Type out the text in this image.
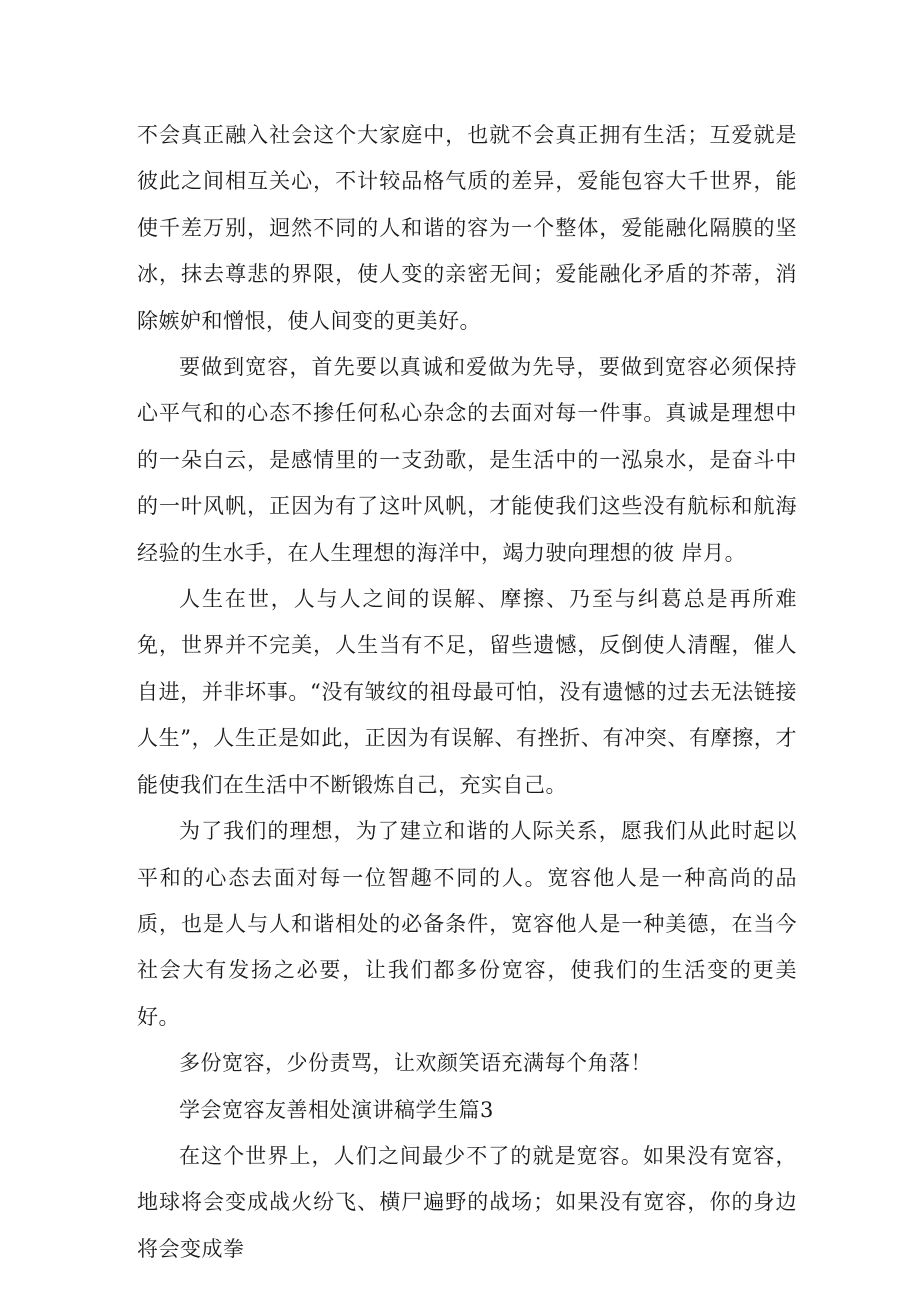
不会真正融入社会这个大家庭中，也就不会真正拥有生活；互爱就是彼此之间相互关心，不计较品格气质的差异，爱能包容大千世界，能使千差万别，迥然不同的人和谐的容为一个整体，爱能融化隔膜的坚冰，抹去尊悲的界限，使人变的亲密无间；爱能融化矛盾的芥蒂，消除嫉妒和憎恨，使人间变的更美好。

要做到宽容，首先要以真诚和爱做为先导，要做到宽容必须保持心平气和的心态不掺任何私心杂念的去面对每一件事。真诚是理想中的一朵白云，是感情里的一支劲歌，是生活中的一泓泉水，是奋斗中的一叶风帆，正因为有了这叶风帆，才能使我们这些没有航标和航海经验的生水手，在人生理想的海洋中，竭力驶向理想的彼 岸月。

人生在世，人与人之间的误解、摩擦、乃至与纠葛总是再所难免，世界并不完美，人生当有不足，留些遗憾，反倒使人清醒，催人自进，并非坏事。“没有皱纹的祖母最可怕，没有遗憾的过去无法链接人生”，人生正是如此，正因为有误解、有挫折、有冲突、有摩擦，才能使我们在生活中不断锻炼自己，充实自己。

为了我们的理想，为了建立和谐的人际关系，愿我们从此时起以平和的心态去面对每一位智趣不同的人。宽容他人是一种高尚的品质，也是人与人和谐相处的必备条件，宽容他人是一种美德，在当今社会大有发扬之必要，让我们都多份宽容，使我们的生活变的更美好。

多份宽容，少份责骂，让欢颜笑语充满每个角落！

学会宽容友善相处演讲稿学生篇3

在这个世界上，人们之间最少不了的就是宽容。如果没有宽容，地球将会变成战火纷飞、横尸遍野的战场；如果没有宽容，你的身边将会变成拳
